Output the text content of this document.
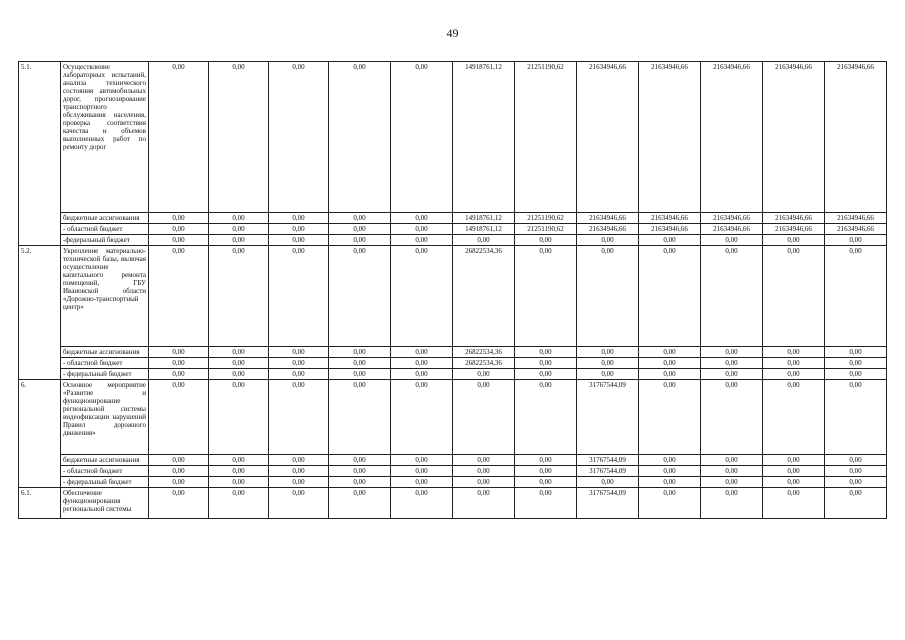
49
5.1.	Осуществление лабораторных испытаний, анализа технического состояния автомобильных дорог, прогнозирование транспортного обслуживания населения, проверка соответствия качества и объемов выполненных работ по ремонту дорог	0,00	0,00	0,00	0,00	0,00	14918761,12	21251190,62	21634946,66	21634946,66	21634946,66	21634946,66	21634946,66
	бюджетные ассигнования	0,00	0,00	0,00	0,00	0,00	14918761,12	21251190,62	21634946,66	21634946,66	21634946,66	21634946,66	21634946,66
	- областной бюджет	0,00	0,00	0,00	0,00	0,00	14918761,12	21251190,62	21634946,66	21634946,66	21634946,66	21634946,66	21634946,66
	-федеральный бюджет	0,00	0,00	0,00	0,00	0,00	0,00	0,00	0,00	0,00	0,00	0,00	0,00
5.2.	Укрепление материально-технической базы, включая осуществление капитального ремонта помещений, ГБУ Ивановской области «Дорожно-транспортный центр»	0,00	0,00	0,00	0,00	0,00	26822534,36	0,00	0,00	0,00	0,00	0,00	0,00
	бюджетные ассигнования	0,00	0,00	0,00	0,00	0,00	26822534,36	0,00	0,00	0,00	0,00	0,00	0,00
	- областной бюджет	0,00	0,00	0,00	0,00	0,00	26822534,36	0,00	0,00	0,00	0,00	0,00	0,00
	- федеральный бюджет	0,00	0,00	0,00	0,00	0,00	0,00	0,00	0,00	0,00	0,00	0,00	0,00
6.	Основное мероприятие «Развитие и функционирование региональной системы видеофиксации нарушений Правил дорожного движения»	0,00	0,00	0,00	0,00	0,00	0,00	0,00	31767544,09	0,00	0,00	0,00	0,00
	бюджетные ассигнования	0,00	0,00	0,00	0,00	0,00	0,00	0,00	31767544,09	0,00	0,00	0,00	0,00
	- областной бюджет	0,00	0,00	0,00	0,00	0,00	0,00	0,00	31767544,09	0,00	0,00	0,00	0,00
	- федеральный бюджет	0,00	0,00	0,00	0,00	0,00	0,00	0,00	0,00	0,00	0,00	0,00	0,00
6.1.	Обеспечение функционирования региональной системы	0,00	0,00	0,00	0,00	0,00	0,00	0,00	31767544,09	0,00	0,00	0,00	0,00
